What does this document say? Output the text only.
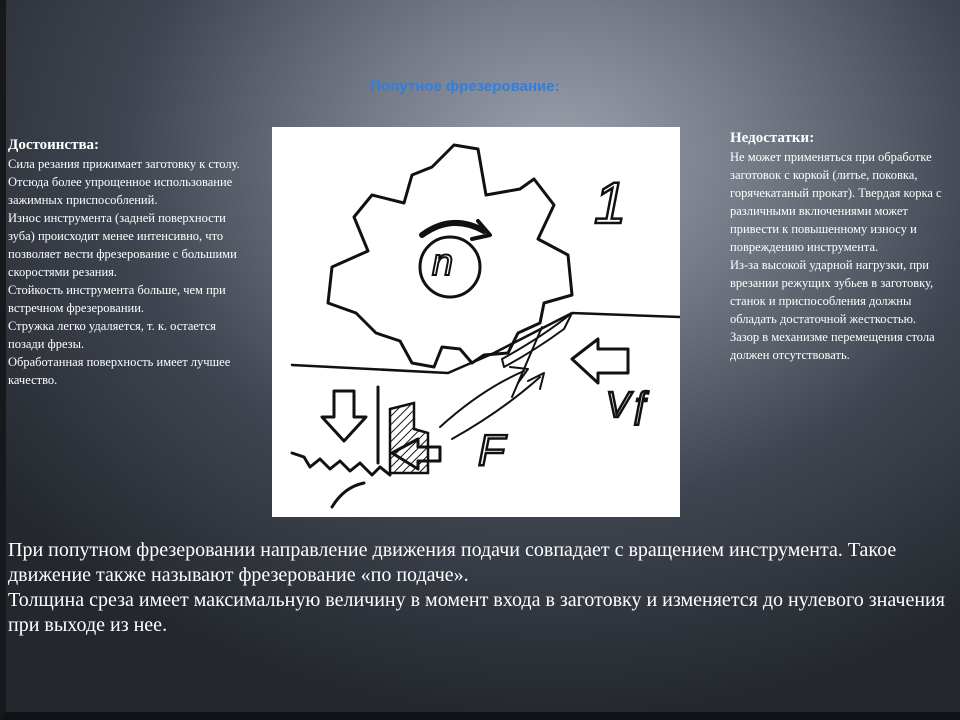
Попутное фрезерование:
Достоинства:

Сила резания прижимает заготовку к столу. Отсюда более упрощенное использование зажимных приспособлений.

Износ инструмента (задней поверхности зуба) происходит менее интенсивно, что позволяет вести фрезерование с большими скоростями резания.

Стойкость инструмента больше, чем при встречном фрезеровании.

Стружка легко удаляется, т. к. остается позади фрезы.

Обработанная поверхность имеет лучшее качество.

1
n
F
Vƒ
Недостатки:

Не может применяться при обработке заготовок с коркой (литье, поковка, горячекатаный прокат). Твердая корка с различными включениями может привести к повышенному износу и повреждению инструмента.

Из-за высокой ударной нагрузки, при врезании режущих зубьев в заготовку, станок и приспособления должны обладать достаточной жесткостью.

Зазор в механизме перемещения стола должен отсутствовать.

При попутном фрезеровании направление движения подачи совпадает с вращением инструмента. Такое движение также называют фрезерование «по подаче».

Толщина среза имеет максимальную величину в момент входа в заготовку и изменяется до нулевого значения при выходе из нее.
